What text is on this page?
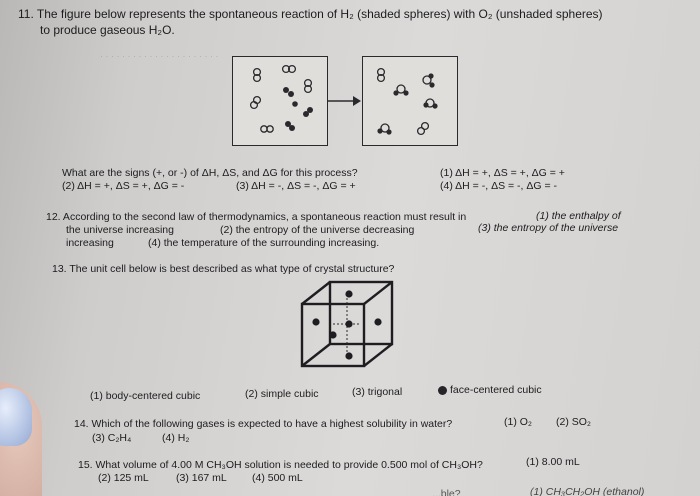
11. The figure below represents the spontaneous reaction of H₂ (shaded spheres) with O₂ (unshaded spheres)
to produce gaseous H₂O.
· · · · · · · · · · · · · · · · · · · · · ·
What are the signs (+, or -) of ΔH, ΔS, and ΔG for this process?	(1) ΔH = +, ΔS = +, ΔG = +
(2) ΔH = +, ΔS = +, ΔG = -	(3) ΔH = -, ΔS = -, ΔG = +	(4) ΔH = -, ΔS = -, ΔG = -
12. According to the second law of thermodynamics, a spontaneous reaction must result in	(1) the enthalpy of
the universe increasing	(2) the entropy of the universe decreasing	(3) the entropy of the universe
increasing	(4) the temperature of the surrounding increasing.
13. The unit cell below is best described as what type of crystal structure?
(1) body-centered cubic	(2) simple cubic	(3) trigonal	face-centered cubic
14. Which of the following gases is expected to have a highest solubility in water?	(1) O₂ (2) SO₂
(3) C₂H₄	(4) H₂
15. What volume of 4.00 M CH₃OH solution is needed to provide 0.500 mol of CH₃OH?	(1) 8.00 mL
(2) 125 mL	(3) 167 mL (4) 500 mL
...ble?	(1) CH₃CH₂OH (ethanol)
